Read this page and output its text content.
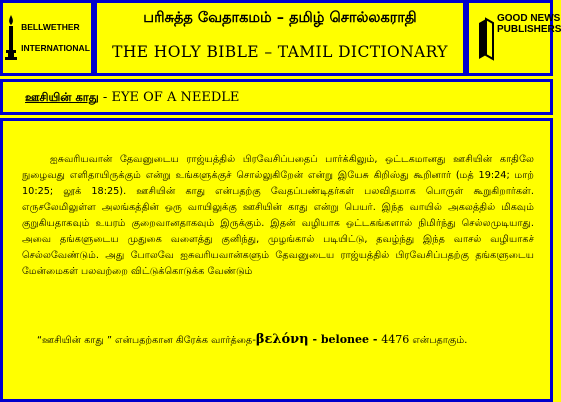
BELLWETHER
INTERNATIONAL
பரிசுத்த வேதாகமம் – தமிழ் சொல்லகராதி
THE HOLY BIBLE – TAMIL DICTIONARY
GOOD NEWS
PUBLISHERS
ஊசியின் காது - EYE OF A NEEDLE

ஐசுவரியவான் தேவனுடைய ராஜ்யத்தில் பிரவேசிப்பதைப் பார்க்கிலும், ஒட்டகமானது ஊசியின் காதிலே நுழைவது எளிதாயிருக்கும் என்று உங்களுக்குச் சொல்லுகிறேன் என்று இயேசு கிறிஸ்து கூறினார் (மத் 19:24; மாற் 10:25; லூக் 18:25). ஊசியின் காது என்பதற்கு வேதப்பண்டிதர்கள் பலவிதமாக பொருள் கூறுகிறார்கள். எருசலேமிலுள்ள அலங்கத்தின் ஒரு வாயிலுக்கு ஊசியின் காது என்று பெயர். இந்த வாயில் அகலத்தில் மிகவும் குறுகியதாகவும் உயரம் குறைவானதாகவும் இருக்கும். இதன் வழியாக ஒட்டகங்களால் நிமிர்ந்து செல்லமுடியாது. அவை தங்களுடைய முதுகை வளைத்து குனிந்து, முழங்கால் படியிட்டு, தவழ்ந்து இந்த வாசல் வழியாகச் செல்லவேண்டும். அது போலவே ஐசுவரியவான்களும் தேவனுடைய ராஜ்யத்தில் பிரவேசிப்பதற்கு தங்களுடைய மேன்மைகள் பலவற்றை விட்டுக்கொடுக்க வேண்டும்

“ஊசியின் காது ” என்பதற்கான கிரேக்க வார்த்தை-βελόνη - belonee - 4476 என்பதாகும்.
